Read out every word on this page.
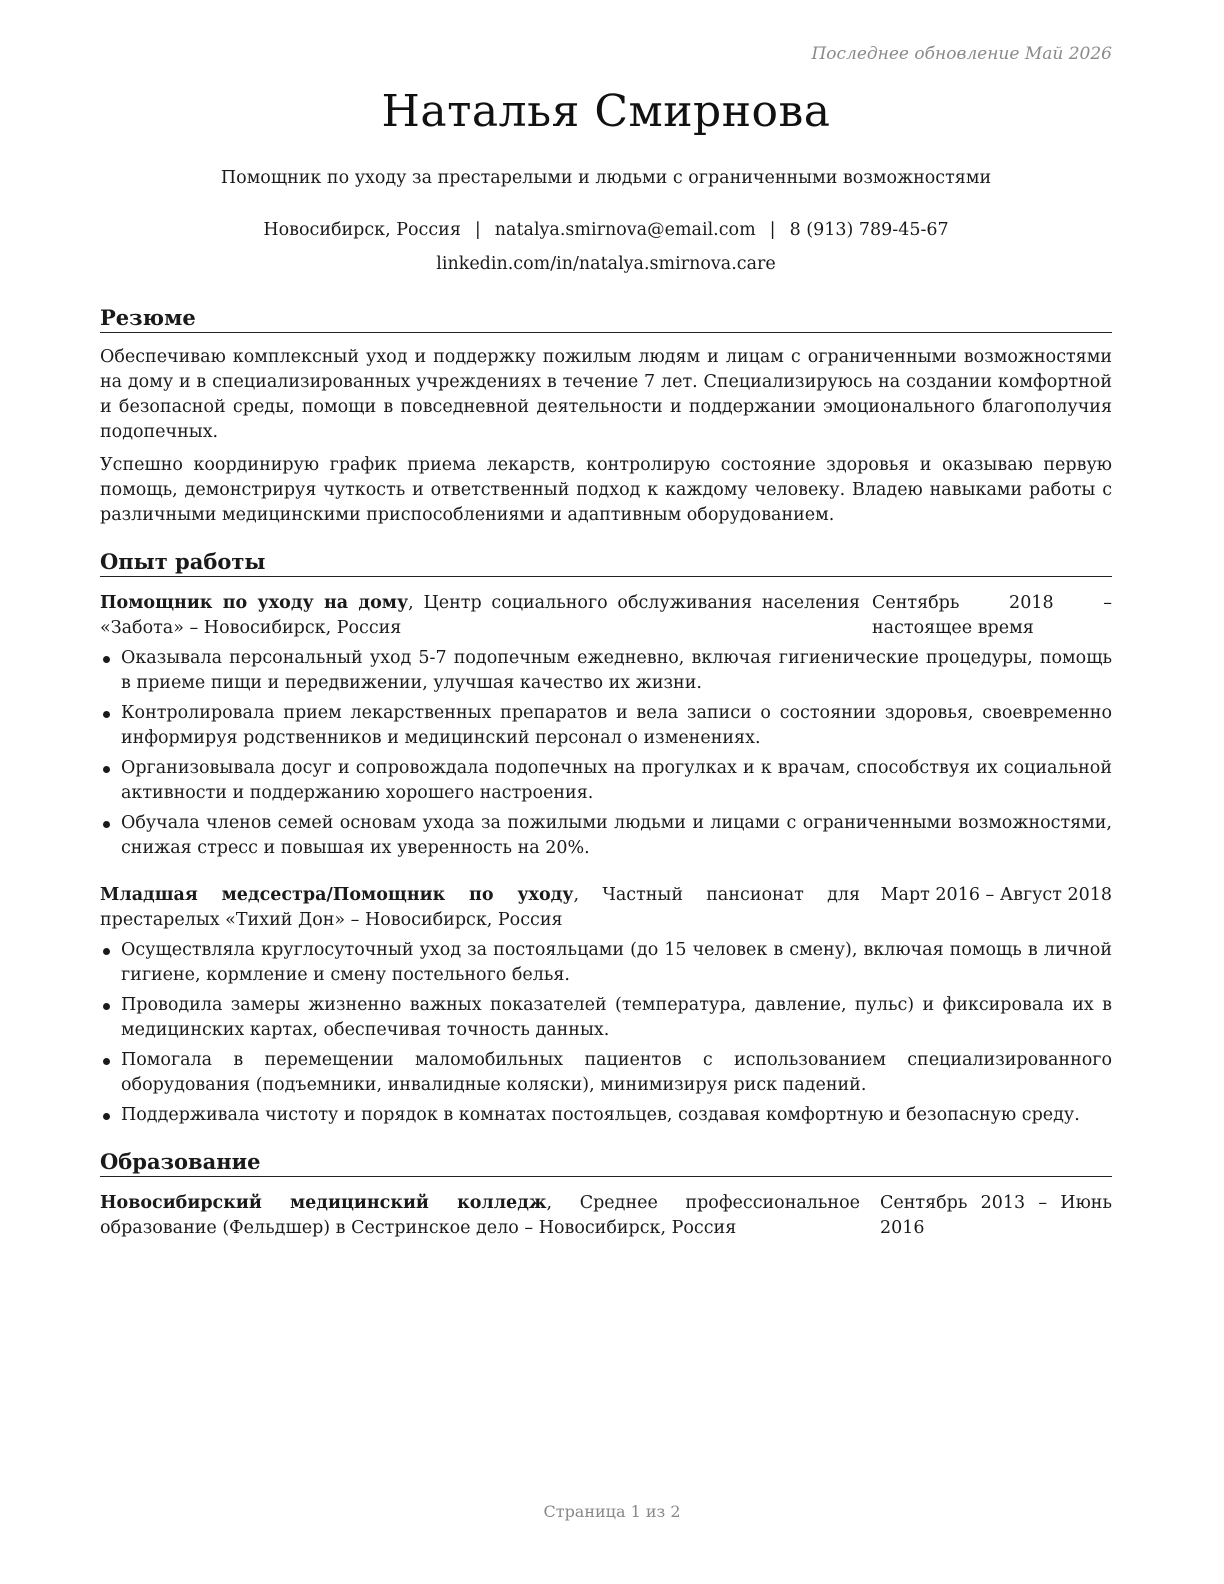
Последнее обновление Май 2026
Наталья Смирнова
Помощник по уходу за престарелыми и людьми с ограниченными возможностями
Новосибирск, Россия | natalya.smirnova@email.com | 8 (913) 789-45-67
linkedin.com/in/natalya.smirnova.care
Резюме

Обеспечиваю комплексный уход и поддержку пожилым людям и лицам с ограниченными возможностями на дому и в специализированных учреждениях в течение 7 лет. Специализируюсь на создании комфортной и безопасной среды, помощи в повседневной деятельности и поддержании эмоционального благополучия подопечных.

Успешно координирую график приема лекарств, контролирую состояние здоровья и оказываю первую помощь, демонстрируя чуткость и ответственный подход к каждому человеку. Владею навыками работы с различными медицинскими приспособлениями и адаптивным оборудованием.

Опыт работы
Помощник по уходу на дому, Центр социального обслуживания населения «Забота» – Новосибирск, Россия
Сентябрь 2018 – настоящее время
Оказывала персональный уход 5-7 подопечным ежедневно, включая гигиенические процедуры, помощь в приеме пищи и передвижении, улучшая качество их жизни.
Контролировала прием лекарственных препаратов и вела записи о состоянии здоровья, своевременно информируя родственников и медицинский персонал о изменениях.
Организовывала досуг и сопровождала подопечных на прогулках и к врачам, способствуя их социальной активности и поддержанию хорошего настроения.
Обучала членов семей основам ухода за пожилыми людьми и лицами с ограниченными возможностями, снижая стресс и повышая их уверенность на 20%.
Младшая медсестра/Помощник по уходу, Частный пансионат для престарелых «Тихий Дон» – Новосибирск, Россия
Март 2016 – Август 2018
Осуществляла круглосуточный уход за постояльцами (до 15 человек в смену), включая помощь в личной гигиене, кормление и смену постельного белья.
Проводила замеры жизненно важных показателей (температура, давление, пульс) и фиксировала их в медицинских картах, обеспечивая точность данных.
Помогала в перемещении маломобильных пациентов с использованием специализированного оборудования (подъемники, инвалидные коляски), минимизируя риск падений.
Поддерживала чистоту и порядок в комнатах постояльцев, создавая комфортную и безопасную среду.
Образование
Новосибирский медицинский колледж, Среднее профессиональное образование (Фельдшер) в Сестринское дело – Новосибирск, Россия
Сентябрь 2013 – Июнь 2016
Страница 1 из 2
